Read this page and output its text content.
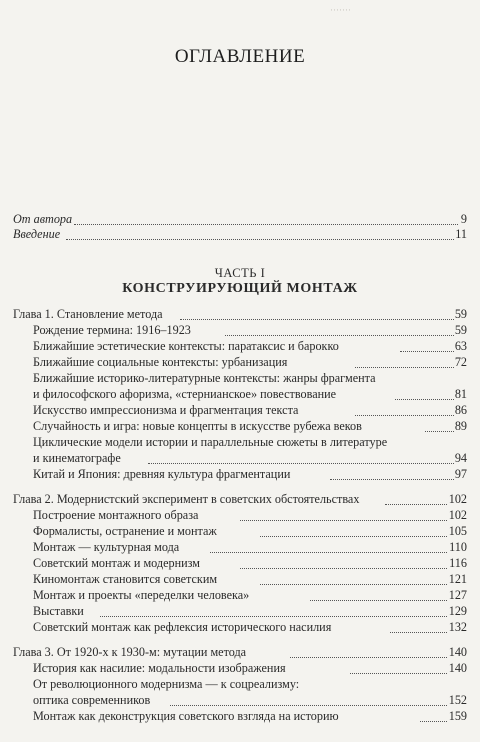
·······
ОГЛАВЛЕНИЕ
От автора	9
Введение	11
ЧАСТЬ I
КОНСТРУИРУЮЩИЙ МОНТАЖ
Глава 1. Становление метода	59
Рождение термина: 1916–1923	59
Ближайшие эстетические контексты: паратаксис и барокко	63
Ближайшие социальные контексты: урбанизация	72
Ближайшие историко-литературные контексты: жанры фрагмента
и философского афоризма, «стернианское» повествование	81
Искусство импрессионизма и фрагментация текста	86
Случайность и игра: новые концепты в искусстве рубежа веков	89
Циклические модели истории и параллельные сюжеты в литературе
и кинематографе	94
Китай и Япония: древняя культура фрагментации	97
Глава 2. Модернистский эксперимент в советских обстоятельствах	102
Построение монтажного образа	102
Формалисты, остранение и монтаж	105
Монтаж — культурная мода	110
Советский монтаж и модернизм	116
Киномонтаж становится советским	121
Монтаж и проекты «переделки человека»	127
Выставки	129
Советский монтаж как рефлексия исторического насилия	132
Глава 3. От 1920-х к 1930-м: мутации метода	140
История как насилие: модальности изображения	140
От революционного модернизма — к соцреализму:
оптика современников	152
Монтаж как деконструкция советского взгляда на историю	159
